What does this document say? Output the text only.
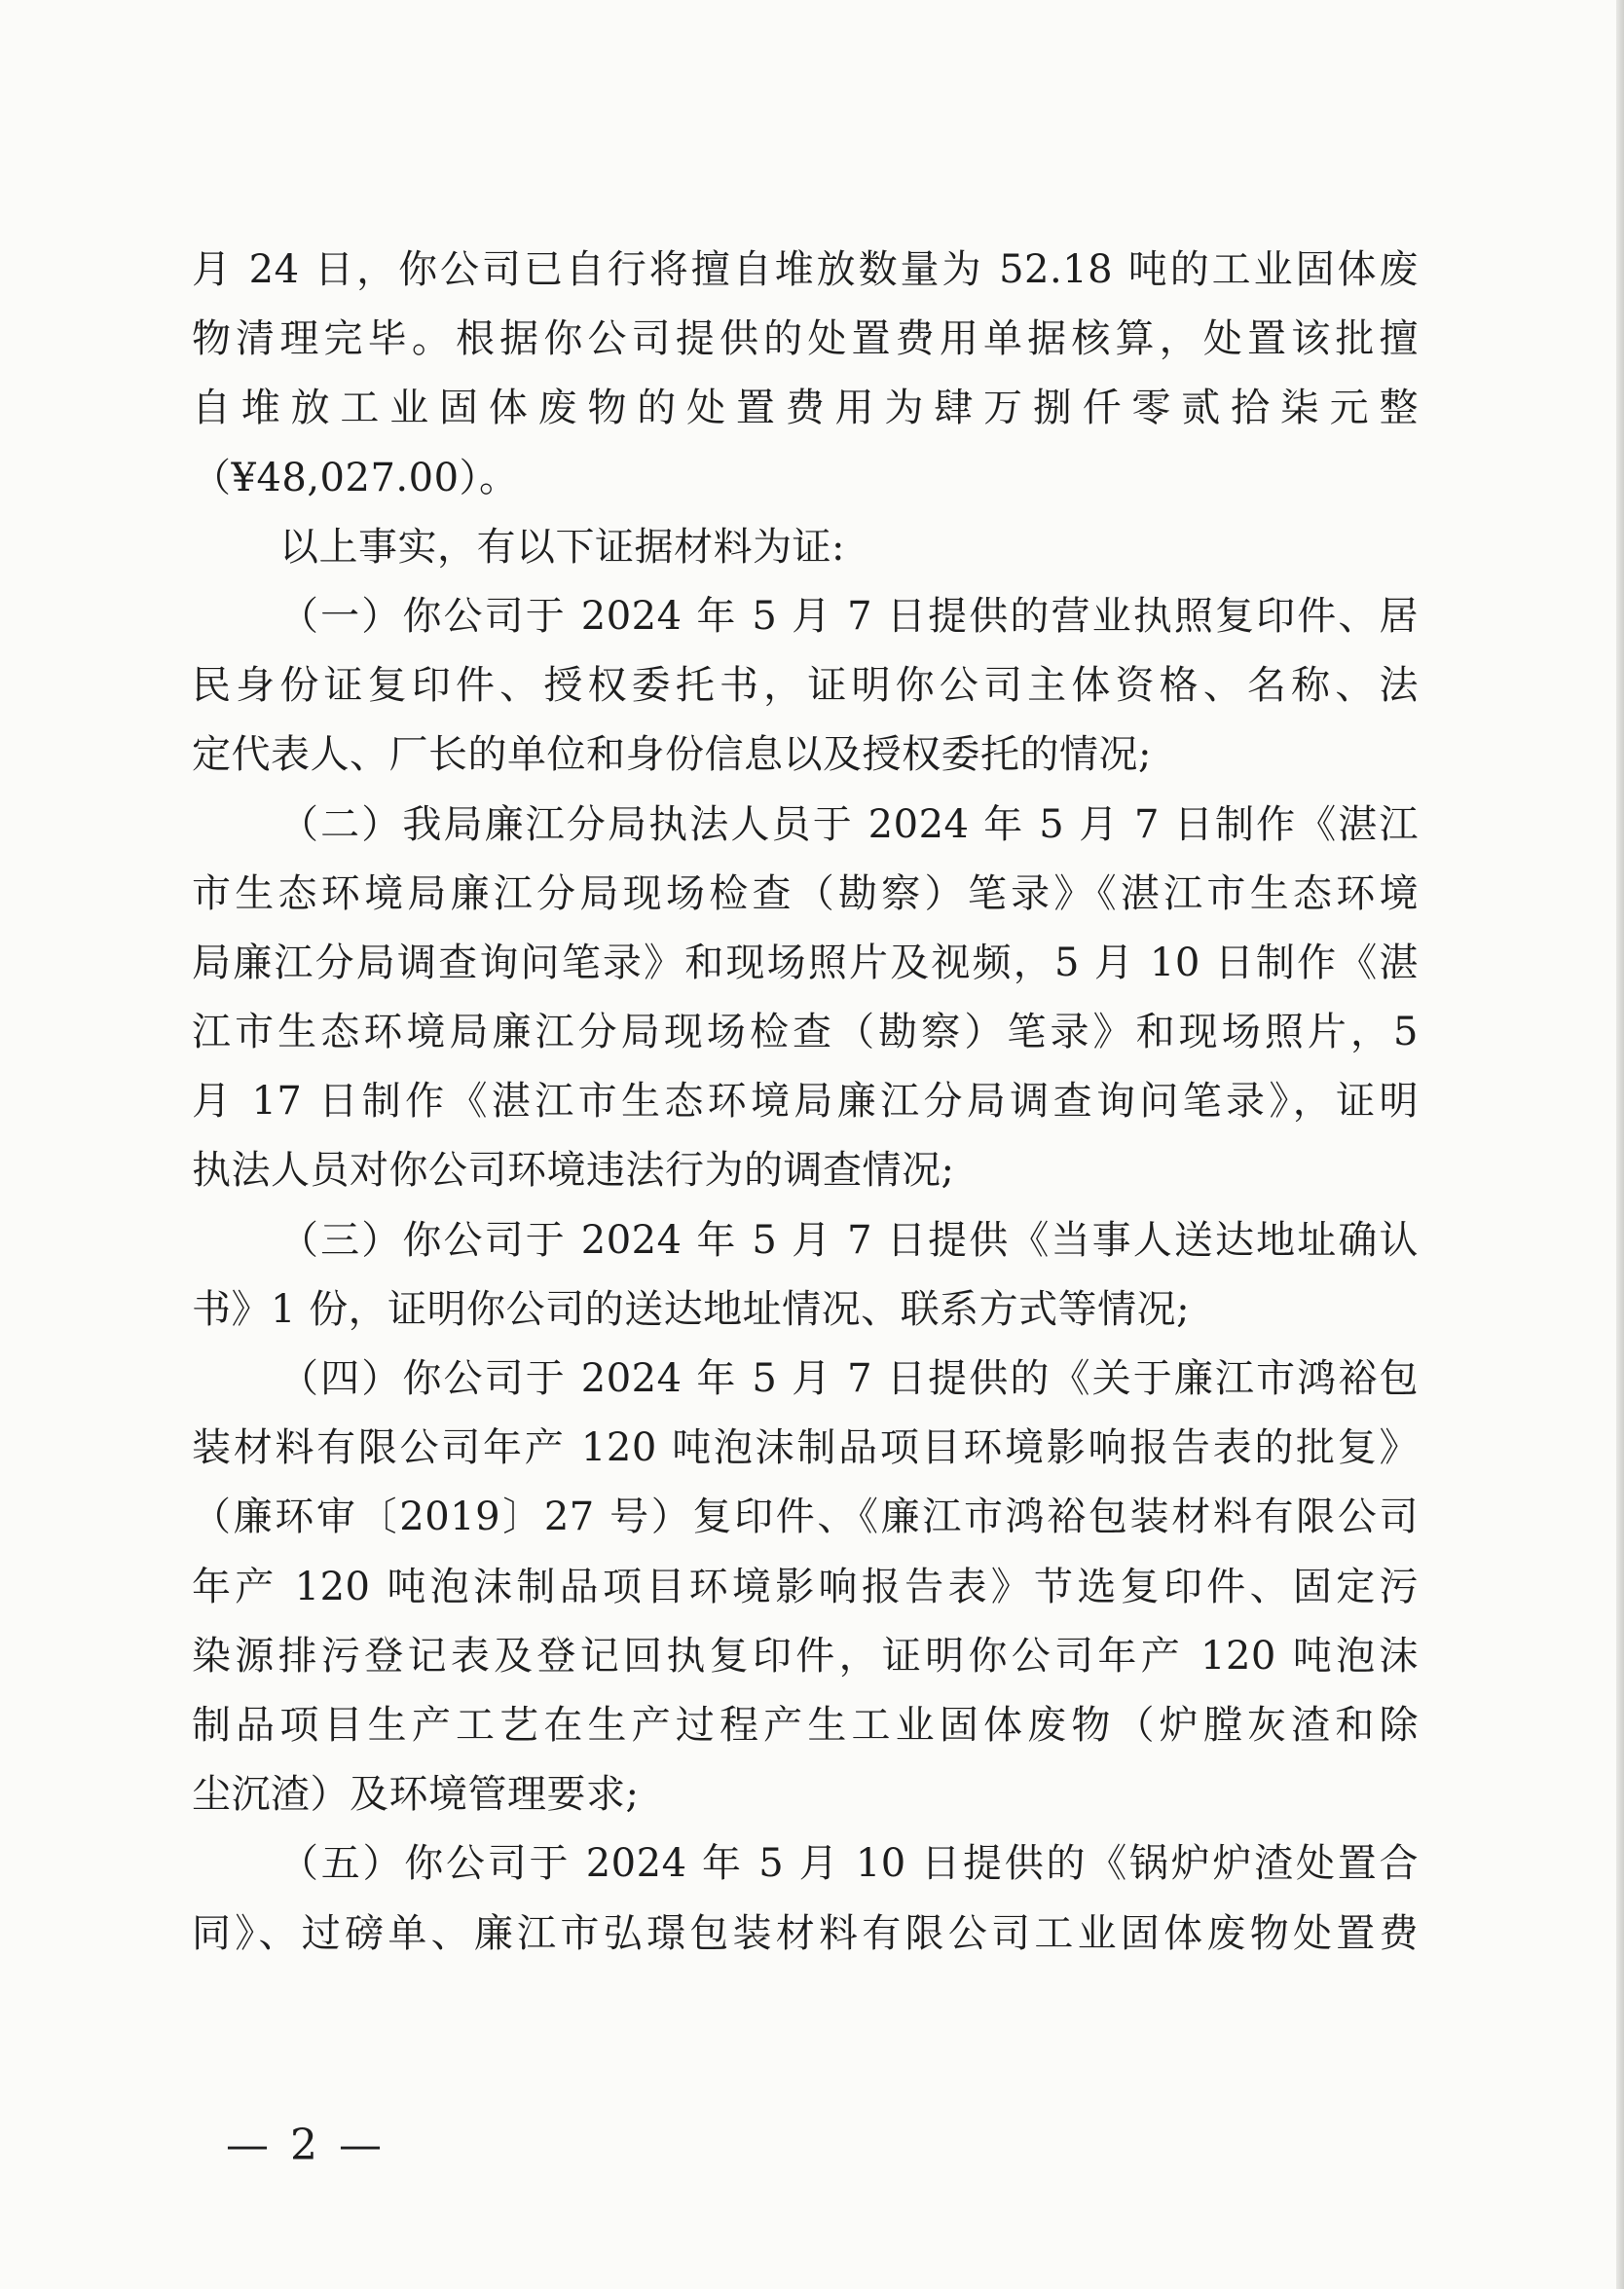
月 24 日，你公司已自行将擅自堆放数量为 52.18 吨的工业固体废
物清理完毕。根据你公司提供的处置费用单据核算，处置该批擅
自堆放工业固体废物的处置费用为肆万捌仟零贰拾柒元整
（¥48,027.00）。
以上事实，有以下证据材料为证:
（一）你公司于 2024 年 5 月 7 日提供的营业执照复印件、居
民身份证复印件、授权委托书，证明你公司主体资格、名称、法
定代表人、厂长的单位和身份信息以及授权委托的情况;
（二）我局廉江分局执法人员于 2024 年 5 月 7 日制作《湛江
市生态环境局廉江分局现场检查（勘察）笔录》《湛江市生态环境
局廉江分局调查询问笔录》和现场照片及视频，5 月 10 日制作《湛
江市生态环境局廉江分局现场检查（勘察）笔录》和现场照片，5
月 17 日制作《湛江市生态环境局廉江分局调查询问笔录》，证明
执法人员对你公司环境违法行为的调查情况;
（三）你公司于 2024 年 5 月 7 日提供《当事人送达地址确认
书》1 份，证明你公司的送达地址情况、联系方式等情况;
（四）你公司于 2024 年 5 月 7 日提供的《关于廉江市鸿裕包
装材料有限公司年产 120 吨泡沫制品项目环境影响报告表的批复》
（廉环审〔2019〕27 号）复印件、《廉江市鸿裕包装材料有限公司
年产 120 吨泡沫制品项目环境影响报告表》节选复印件、固定污
染源排污登记表及登记回执复印件，证明你公司年产 120 吨泡沫
制品项目生产工艺在生产过程产生工业固体废物（炉膛灰渣和除
尘沉渣）及环境管理要求;
（五）你公司于 2024 年 5 月 10 日提供的《锅炉炉渣处置合
同》、过磅单、廉江市弘璟包装材料有限公司工业固体废物处置费
— 2 —
